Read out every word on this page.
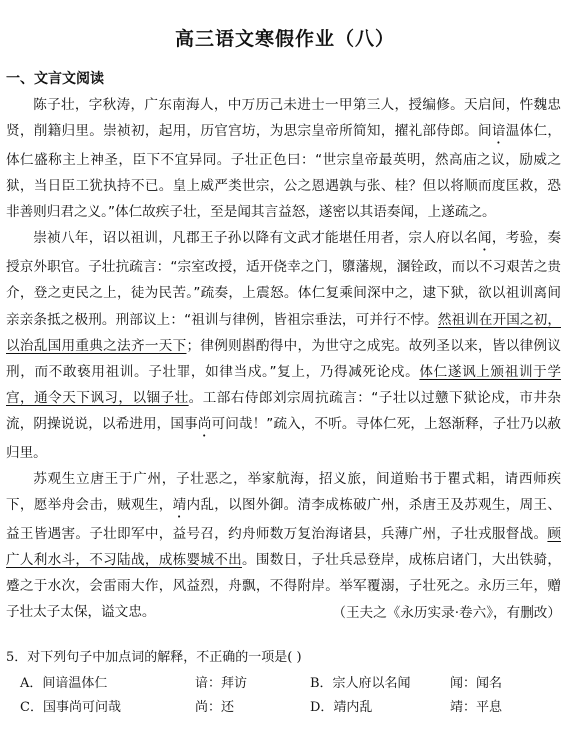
高三语文寒假作业（八）
一、文言文阅读

陈子壮，字秋涛，广东南海人，中万历己未进士一甲第三人，授编修。天启间，忤魏忠贤，削籍归里。崇祯初，起用，历官宫坊，为思宗皇帝所简知，擢礼部侍郎。间谙温体仁，体仁盛称主上神圣，臣下不宜异同。子壮正色曰：“世宗皇帝最英明，然高庙之议，励威之狱，当日臣工犹执持不已。皇上威严类世宗，公之恩遇孰与张、桂？但以将顺而度匡救，恐非善则归君之义。”体仁故疾子壮，至是闻其言益怒，遂密以其语奏闻，上遂疏之。

崇祯八年，诏以祖训，凡郡王子孙以降有文武才能堪任用者，宗人府以名闻，考验，奏授京外职官。子壮抗疏言：“宗室改授，适开侥幸之门，隳藩规，溷铨政，而以不习艰苦之贵介，登之吏民之上，徒为民苦。”疏奏，上震怒。体仁复乘间深中之，逮下狱，欲以祖训离间亲亲条抵之极刑。刑部议上：“祖训与律例，皆祖宗垂法，可并行不悖。然祖训在开国之初，以治乱国用重典之法齐一天下；律例则斟酌得中，为世守之成宪。故列圣以来，皆以律例议刑，而不敢亵用祖训。子壮罪，如律当戍。”复上，乃得减死论戍。体仁遂讽上颁祖训于学宫，通令天下讽习，以锢子壮。工部右侍郎刘宗周抗疏言：“子壮以过戆下狱论戍，市井杂流，阴操说说，以希进用，国事尚可问哉！”疏入，不听。寻体仁死，上怒渐释，子壮乃以赦归里。

苏观生立唐王于广州，子壮恶之，举家航海，招义旅，间道贻书于瞿式耜，请西师疾下，愿举舟会击，贼观生，靖内乱，以图外御。清李成栋破广州，杀唐王及苏观生，周王、益王皆遇害。子壮即军中，益号召，约舟师数万复治海诸县，兵薄广州，子壮戎服督战。顾广人利水斗，不习陆战，成栋婴城不出。围数日，子壮兵忌登岸，成栋启诸门，大出铁骑，蹙之于水次，会雷雨大作，风益烈，舟飘，不得附岸。举军覆溺，子壮死之。永历三年，赠子壮太子太保，谥文忠。	（王夫之《永历实录·卷六》，有删改）
5．对下列句子中加点词的解释，不正确的一项是( )
A．间谙温体仁	谙：拜访	B．宗人府以名闻	闻：闻名
C．国事尚可问哉	尚：还	D．靖内乱	靖：平息
